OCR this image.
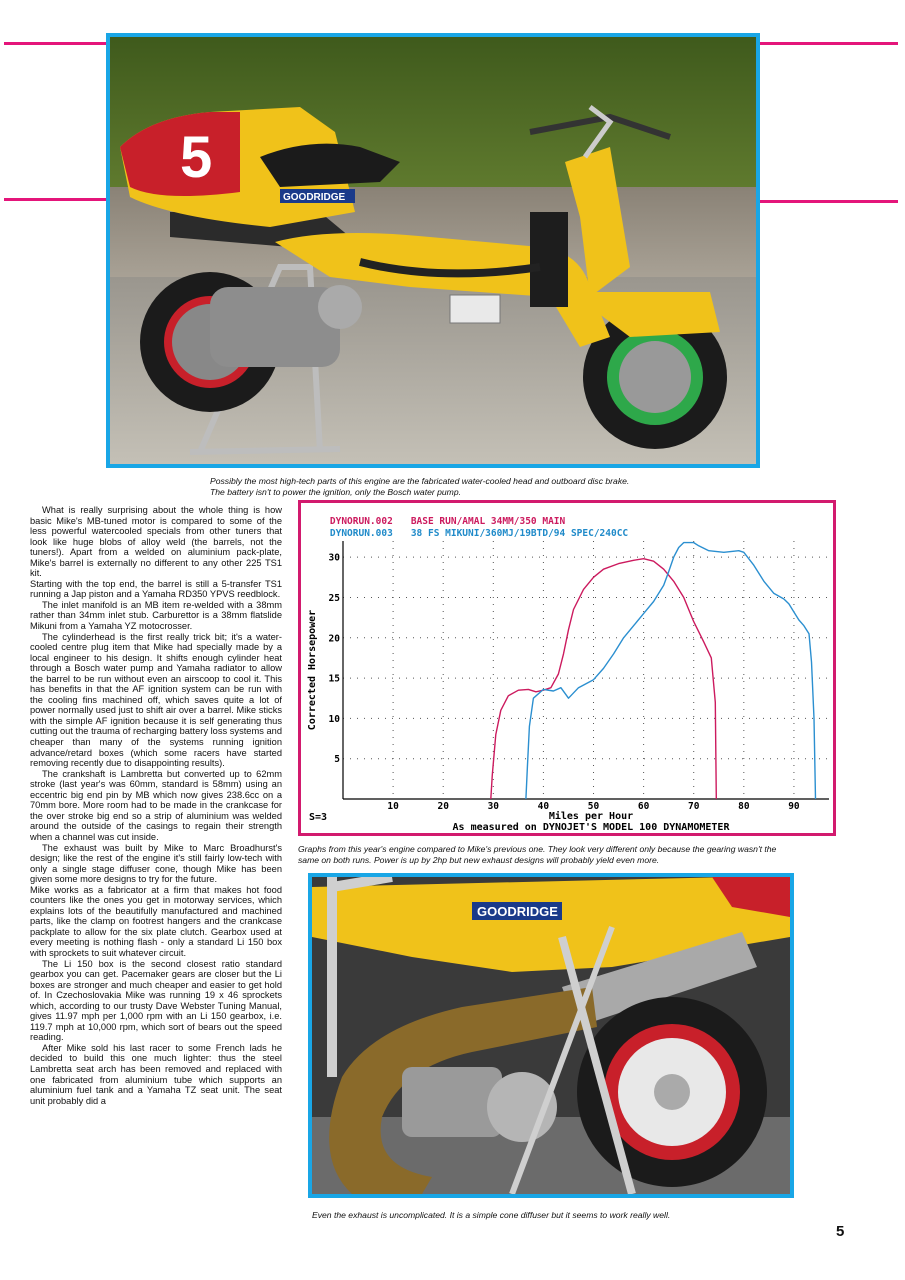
5
GOODRIDGE
Possibly the most high-tech parts of this engine are the fabricated water-cooled head and outboard disc brake.
The battery isn't to power the ignition, only the Bosch water pump.

What is really surprising about the whole thing is how basic Mike's MB-tuned motor is compared to some of the less powerful watercooled specials from other tuners that look like huge blobs of alloy weld (the barrels, not the tuners!). Apart from a welded on aluminium pack-plate, Mike's barrel is externally no different to any other 225 TS1 kit.

Starting with the top end, the barrel is still a 5-transfer TS1 running a Jap piston and a Yamaha RD350 YPVS reedblock.

The inlet manifold is an MB item re-welded with a 38mm rather than 34mm inlet stub. Carburettor is a 38mm flatslide Mikuni from a Yamaha YZ motocrosser.

The cylinderhead is the first really trick bit; it's a water-cooled centre plug item that Mike had specially made by a local engineer to his design. It shifts enough cylinder heat through a Bosch water pump and Yamaha radiator to allow the barrel to be run without even an airscoop to cool it. This has benefits in that the AF ignition system can be run with the cooling fins machined off, which saves quite a lot of power normally used just to shift air over a barrel. Mike sticks with the simple AF ignition because it is self generating thus cutting out the trauma of recharging battery loss systems and cheaper than many of the systems running ignition advance/retard boxes (which some racers have started removing recently due to disappointing results).

The crankshaft is Lambretta but converted up to 62mm stroke (last year's was 60mm, standard is 58mm) using an eccentric big end pin by MB which now gives 238.6cc on a 70mm bore. More room had to be made in the crankcase for the over stroke big end so a strip of aluminium was welded around the outside of the casings to regain their strength when a channel was cut inside.

The exhaust was built by Mike to Marc Broadhurst's design; like the rest of the engine it's still fairly low-tech with only a single stage diffuser cone, though Mike has been given some more designs to try for the future.

Mike works as a fabricator at a firm that makes hot food counters like the ones you get in motorway services, which explains lots of the beautifully manufactured and machined parts, like the clamp on footrest hangers and the crankcase packplate to allow for the six plate clutch. Gearbox used at every meeting is nothing flash - only a standard Li 150 box with sprockets to suit whatever circuit.

The Li 150 box is the second closest ratio standard gearbox you can get. Pacemaker gears are closer but the Li boxes are stronger and much cheaper and easier to get hold of. In Czechoslovakia Mike was running 19 x 46 sprockets which, according to our trusty Dave Webster Tuning Manual, gives 11.97 mph per 1,000 rpm with an Li 150 gearbox, i.e. 119.7 mph at 10,000 rpm, which sort of bears out the speed reading.

After Mike sold his last racer to some French lads he decided to build this one much lighter: thus the steel Lambretta seat arch has been removed and replaced with one fabricated from aluminium tube which supports an aluminium fuel tank and a Yamaha TZ seat unit. The seat unit probably did a

DYNORUN.002 BASE RUN/AMAL 34MM/350 MAIN

DYNORUN.003 38 FS MIKUNI/360MJ/19BTD/94 SPEC/240CC

10	20	30	40	50	60	70	80	90
5
10
15
20
25
30
Corrected Horsepower
Miles per Hour
As measured on DYNOJET'S MODEL 100 DYNAMOMETER
S=3
Graphs from this year's engine compared to Mike's previous one. They look very different only because the gearing wasn't the
same on both runs. Power is up by 2hp but new exhaust designs will probably yield even more.
GOODRIDGE
Even the exhaust is uncomplicated. It is a simple cone diffuser but it seems to work really well.
5
